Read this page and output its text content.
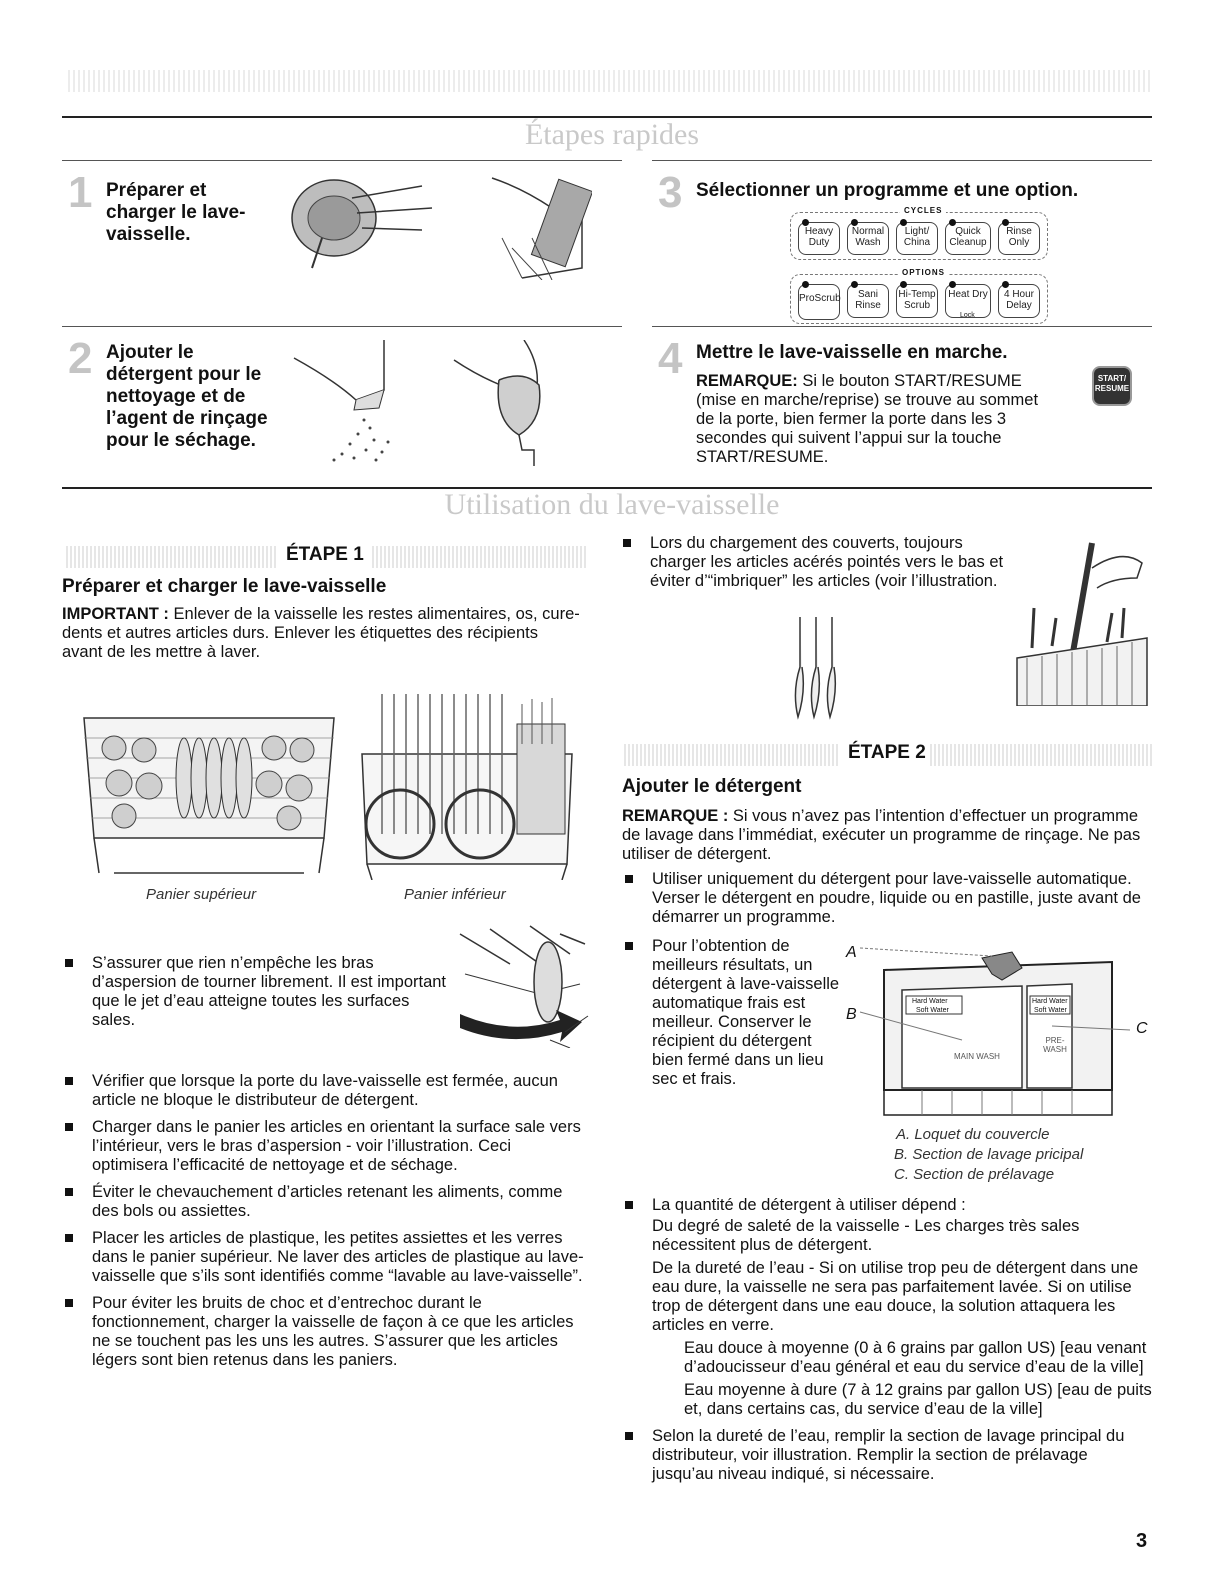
Étapes rapides
1 Préparer et charger le lave-vaisselle.
3 Sélectionner un programme et une option.
CYCLES
Heavy Duty
Normal Wash
Light/ China
Quick Cleanup
Rinse Only
OPTIONS
ProScrub	Sani Rinse
Hi-Temp Scrub
Heat Dry	4 Hour Delay
Lock
2 Ajouter le détergent pour le nettoyage et de l’agent de rinçage pour le séchage.
4 Mettre le lave-vaisselle en marche.
REMARQUE: Si le bouton START/RESUME (mise en marche/reprise) se trouve au sommet de la porte, bien fermer la porte dans les 3 secondes qui suivent l’appui sur la touche START/RESUME.
START/ RESUME
Utilisation du lave-vaisselle
ÉTAPE 1
Préparer et charger le lave-vaisselle
IMPORTANT : Enlever de la vaisselle les restes alimentaires, os, cure-dents et autres articles durs. Enlever les étiquettes des récipients avant de les mettre à laver.
Panier supérieur	Panier inférieur
S’assurer que rien n’empêche les bras d’aspersion de tourner librement. Il est important que le jet d’eau atteigne toutes les surfaces sales.
Vérifier que lorsque la porte du lave-vaisselle est fermée, aucun article ne bloque le distributeur de détergent.
Charger dans le panier les articles en orientant la surface sale vers l’intérieur, vers le bras d’aspersion - voir l’illustration. Ceci optimisera l’efficacité de nettoyage et de séchage.
Éviter le chevauchement d’articles retenant les aliments, comme des bols ou assiettes.
Placer les articles de plastique, les petites assiettes et les verres dans le panier supérieur. Ne laver des articles de plastique au lave-vaisselle que s’ils sont identifiés comme “lavable au lave-vaisselle”.
Pour éviter les bruits de choc et d’entrechoc durant le fonctionnement, charger la vaisselle de façon à ce que les articles ne se touchent pas les uns les autres. S’assurer que les articles légers sont bien retenus dans les paniers.
Lors du chargement des couverts, toujours charger les articles acérés pointés vers le bas et éviter d’“imbriquer” les articles (voir l’illustration.
ÉTAPE 2
Ajouter le détergent
REMARQUE : Si vous n’avez pas l’intention d’effectuer un programme de lavage dans l’immédiat, exécuter un programme de rinçage. Ne pas utiliser de détergent.
Utiliser uniquement du détergent pour lave-vaisselle automatique. Verser le détergent en poudre, liquide ou en pastille, juste avant de démarrer un programme.
Pour l’obtention de meilleurs résultats, un détergent à lave-vaisselle automatique frais est meilleur. Conserver le récipient du détergent bien fermé dans un lieu sec et frais.
A
B
C
Hard Water
Soft Water
Hard Water
Soft Water
MAIN WASH
PRE- WASH
A. Loquet du couvercle
B. Section de lavage pricipal
C. Section de prélavage
La quantité de détergent à utiliser dépend :
Du degré de saleté de la vaisselle - Les charges très sales nécessitent plus de détergent.
De la dureté de l’eau - Si on utilise trop peu de détergent dans une eau dure, la vaisselle ne sera pas parfaitement lavée. Si on utilise trop de détergent dans une eau douce, la solution attaquera les articles en verre.
Eau douce à moyenne (0 à 6 grains par gallon US) [eau venant d’adoucisseur d’eau général et eau du service d’eau de la ville]
Eau moyenne à dure (7 à 12 grains par gallon US) [eau de puits et, dans certains cas, du service d’eau de la ville]
Selon la dureté de l’eau, remplir la section de lavage principal du distributeur, voir illustration. Remplir la section de prélavage jusqu’au niveau indiqué, si nécessaire.
3
